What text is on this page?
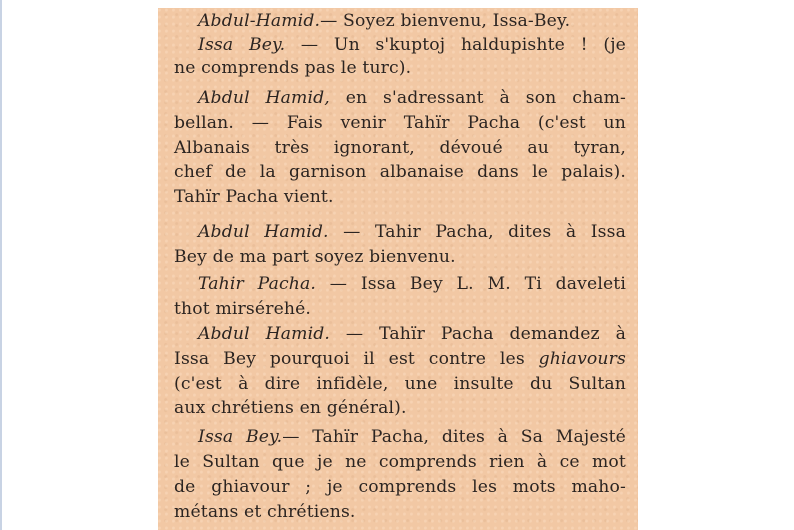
Abdul-Hamid.— Soyez bienvenu, Issa-Bey.
Issa Bey. — Un s'kuptoj haldupishte ! (je
ne comprends pas le turc).
Abdul Hamid, en s'adressant à son cham-
bellan. — Fais venir Tahïr Pacha (c'est un
Albanais très ignorant, dévoué au tyran,
chef de la garnison albanaise dans le palais).
Tahïr Pacha vient.
Abdul Hamid. — Tahir Pacha, dites à Issa
Bey de ma part soyez bienvenu.
Tahir Pacha. — Issa Bey L. M. Ti daveleti
thot mirsérehé.
Abdul Hamid. — Tahïr Pacha demandez à
Issa Bey pourquoi il est contre les ghiavours
(c'est à dire infidèle, une insulte du Sultan
aux chrétiens en général).
Issa Bey.— Tahïr Pacha, dites à Sa Majesté
le Sultan que je ne comprends rien à ce mot
de ghiavour ; je comprends les mots maho-
métans et chrétiens.
